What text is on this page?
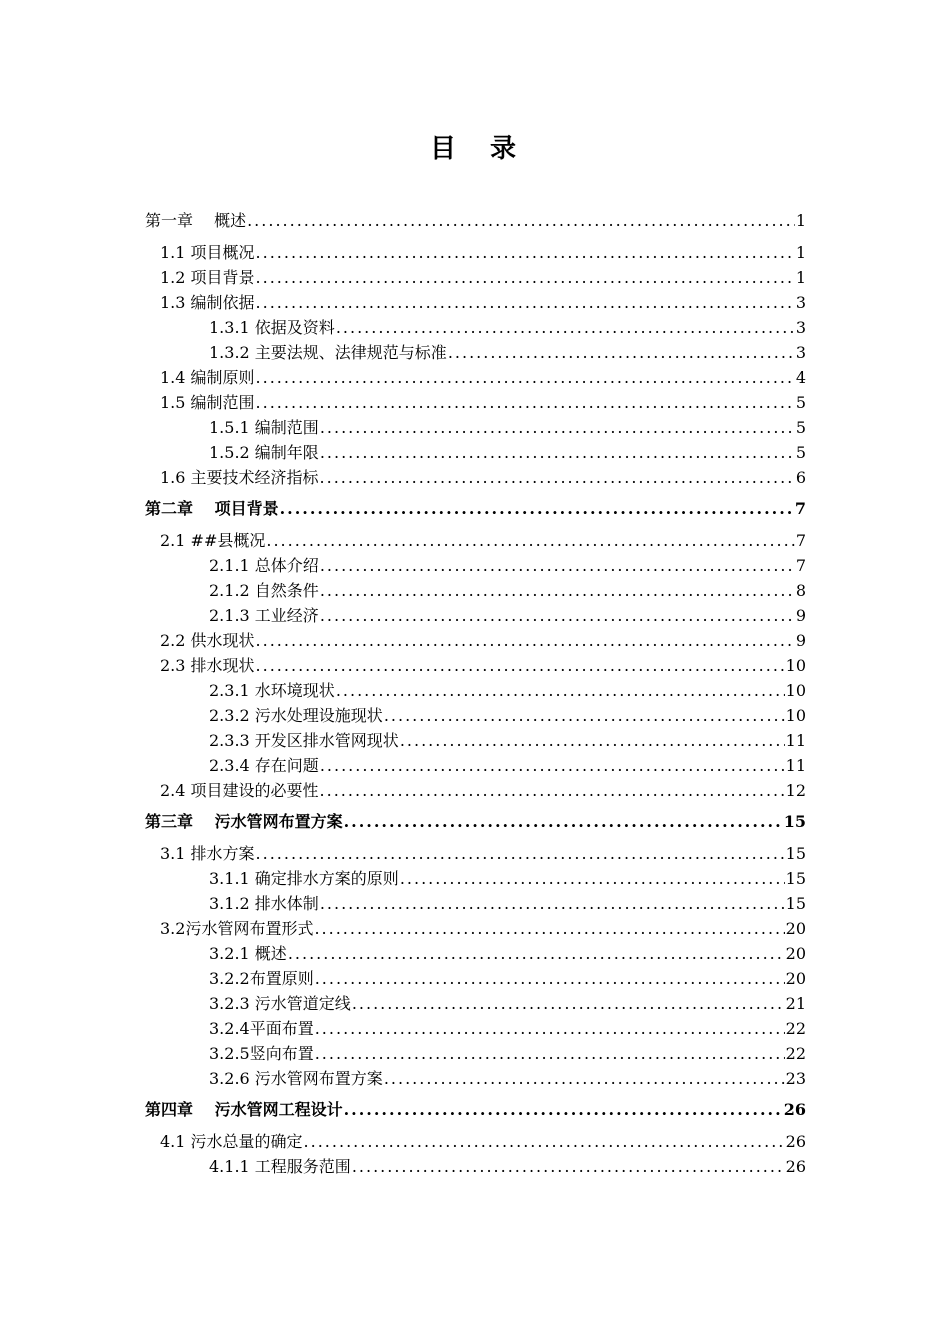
目　录
第一章　 概述 .....	1
1.1 项目概况 .....	1
1.2 项目背景 .....	1
1.3 编制依据 .....	3
1.3.1 依据及资料 .....	3
1.3.2 主要法规、法律规范与标准 .....	3
1.4 编制原则 .....	4
1.5 编制范围 .....	5
1.5.1 编制范围 .....	5
1.5.2 编制年限 .....	5
1.6 主要技术经济指标 .....	6
第二章　 项目背景 .....	7
2.1 ##县概况 .....	7
2.1.1 总体介绍 .....	7
2.1.2 自然条件 .....	8
2.1.3 工业经济 .....	9
2.2 供水现状 .....	9
2.3 排水现状 .....	10
2.3.1 水环境现状 .....	10
2.3.2 污水处理设施现状 .....	10
2.3.3 开发区排水管网现状 .....	11
2.3.4 存在问题 .....	11
2.4 项目建设的必要性 .....	12
第三章　 污水管网布置方案 .....	15
3.1 排水方案 .....	15
3.1.1 确定排水方案的原则 .....	15
3.1.2 排水体制 .....	15
3.2污水管网布置形式 .....	20
3.2.1 概述 .....	20
3.2.2布置原则 .....	20
3.2.3 污水管道定线 .....	21
3.2.4平面布置 .....	22
3.2.5竖向布置 .....	22
3.2.6 污水管网布置方案 .....	23
第四章　 污水管网工程设计 .....	26
4.1 污水总量的确定 .....	26
4.1.1 工程服务范围 .....	26
